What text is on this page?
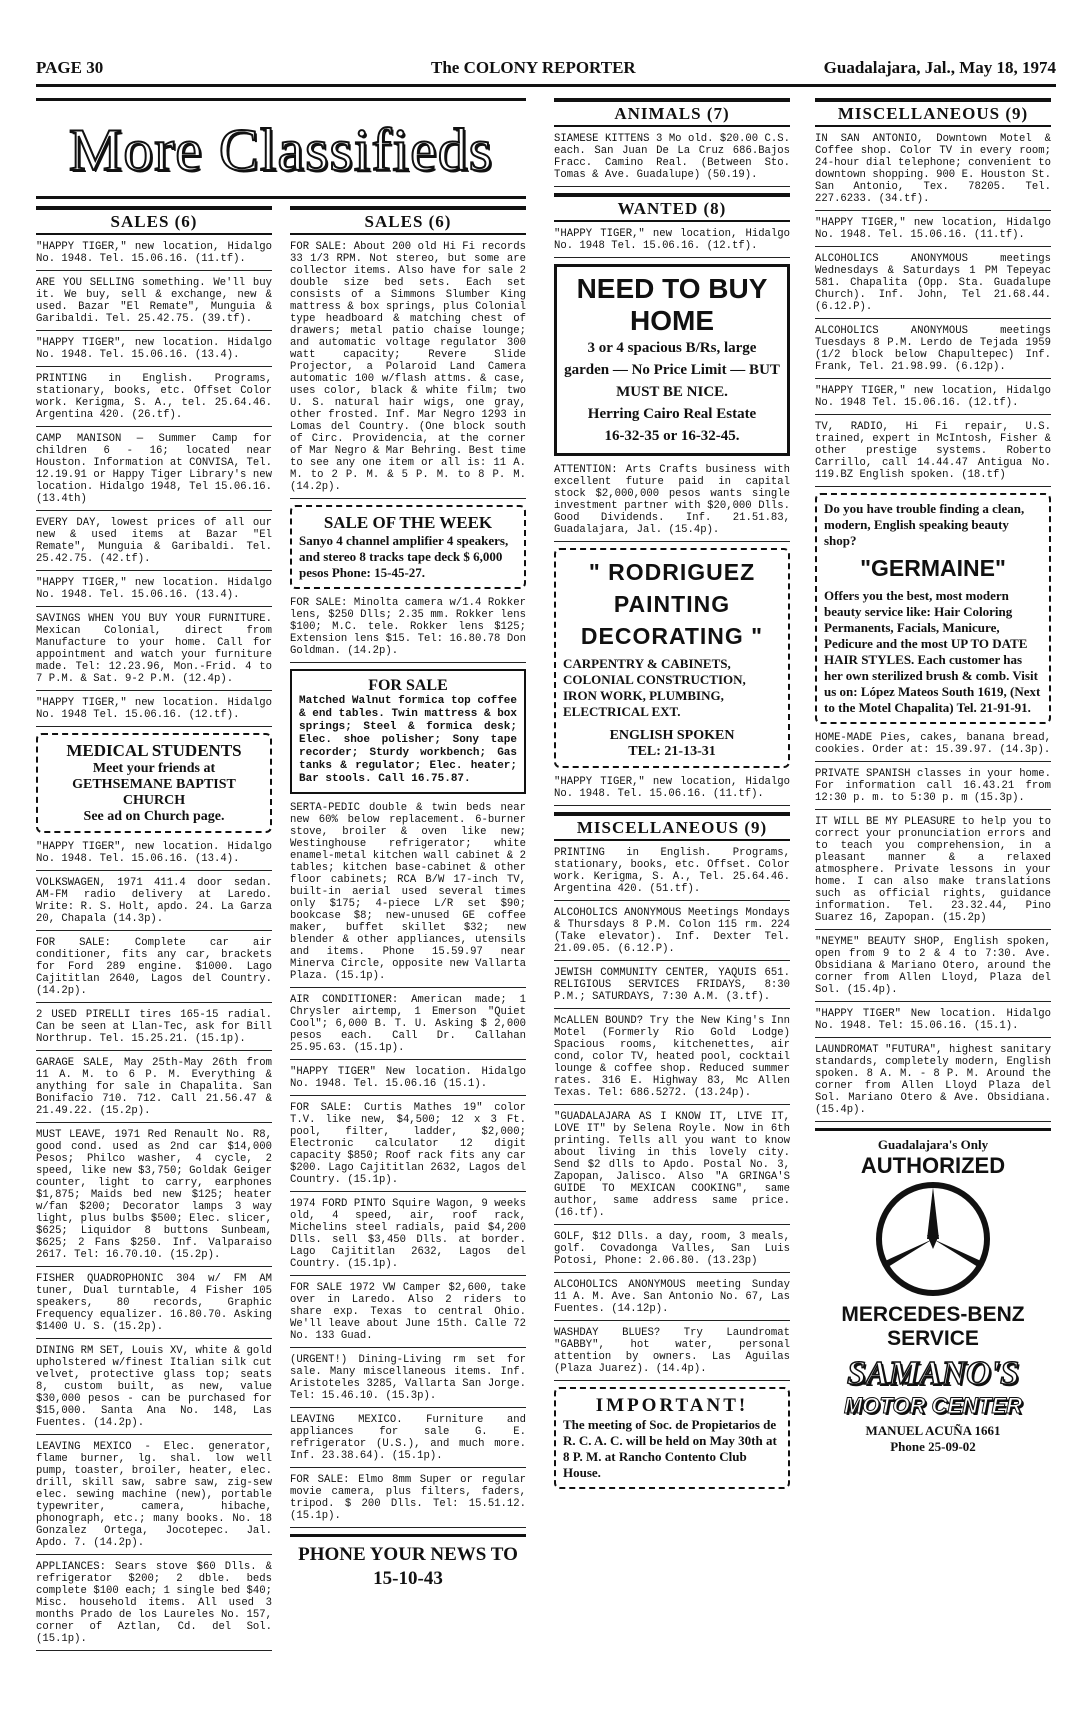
PAGE 30	The COLONY REPORTER	Guadalajara, Jal., May 18, 1974
More Classifieds
SALES (6)
"HAPPY TIGER," new location, Hidalgo No. 1948. Tel. 15.06.16. (11.tf).
ARE YOU SELLING something. We'll buy it. We buy, sell & exchange, new & used. Bazar "El Remate", Munguia & Garibaldi. Tel. 25.42.75. (39.tf).
"HAPPY TIGER", new location. Hidalgo No. 1948. Tel. 15.06.16. (13.4).
PRINTING in English. Programs, stationary, books, etc. Offset Color work. Kerigma, S. A., tel. 25.64.46. Argentina 420. (26.tf).
CAMP MANISON — Summer Camp for children 6 - 16; located near Houston. Information at CONVISA, Tel. 12.19.91 or Happy Tiger Library's new location. Hidalgo 1948, Tel 15.06.16. (13.4th)
EVERY DAY, lowest prices of all our new & used items at Bazar "El Remate", Munguia & Garibaldi. Tel. 25.42.75. (42.tf).
"HAPPY TIGER," new location. Hidalgo No. 1948. Tel. 15.06.16. (13.4).
SAVINGS WHEN YOU BUY YOUR FURNITURE. Mexican Colonial, direct from Manufacture to your home. Call for appointment and watch your furniture made. Tel: 12.23.96, Mon.-Frid. 4 to 7 P.M. & Sat. 9-2 P.M. (12.4p).
"HAPPY TIGER," new location. Hidalgo No. 1948 Tel. 15.06.16. (12.tf).
MEDICAL STUDENTS
Meet your friends at
GETHSEMANE BAPTIST CHURCH
See ad on Church page.
"HAPPY TIGER", new location. Hidalgo No. 1948. Tel. 15.06.16. (13.4).
VOLKSWAGEN, 1971 411.4 door sedan. AM-FM radio delivery at Laredo. Write: R. S. Holt, apdo. 24. La Garza 20, Chapala (14.3p).
FOR SALE: Complete car air conditioner, fits any car, brackets for Ford 289 engine. $1000. Lago Cajititlan 2640, Lagos del Country. (14.2p).
2 USED PIRELLI tires 165-15 radial. Can be seen at Llan-Tec, ask for Bill Northrup. Tel. 15.25.21. (15.1p).
GARAGE SALE, May 25th-May 26th from 11 A. M. to 6 P. M. Everything & anything for sale in Chapalita. San Bonifacio 710. 712. Call 21.56.47 & 21.49.22. (15.2p).
MUST LEAVE, 1971 Red Renault No. R8, good cond. used as 2nd car $14,000 Pesos; Philco washer, 4 cycle, 2 speed, like new $3,750; Goldak Geiger counter, light to carry, earphones $1,875; Maids bed new $125; heater w/fan $200; Decorator lamps 3 way light, plus bulbs $500; Elec. slicer, $625; Liquidor 8 buttons Sunbeam, $625; 2 Fans $250. Inf. Valparaiso 2617. Tel: 16.70.10. (15.2p).
FISHER QUADROPHONIC 304 w/ FM AM tuner, Dual turntable, 4 Fisher 105 speakers, 80 records, Graphic Frequency equalizer. 16.80.70. Asking $1400 U. S. (15.2p).
DINING RM SET, Louis XV, white & gold upholstered w/finest Italian silk cut velvet, protective glass top; seats 8, custom built, as new, value $30,000 pesos - can be purchased for $15,000. Santa Ana No. 148, Las Fuentes. (14.2p).
LEAVING MEXICO - Elec. generator, flame burner, lg. shal. low well pump, toaster, broiler, heater, elec. drill, skill saw, sabre saw, zig-sew elec. sewing machine (new), portable typewriter, camera, hibache, phonograph, etc.; many books. No. 18 Gonzalez Ortega, Jocotepec. Jal. Apdo. 7. (14.2p).
APPLIANCES: Sears stove $60 Dlls. & refrigerator $200; 2 dble. beds complete $100 each; 1 single bed $40; Misc. household items. All used 3 months Prado de los Laureles No. 157, corner of Aztlan, Cd. del Sol. (15.1p).
SALES (6)
FOR SALE: About 200 old Hi Fi records 33 1/3 RPM. Not stereo, but some are collector items. Also have for sale 2 double size bed sets. Each set consists of a Simmons Slumber King mattress & box springs, plus Colonial type headboard & matching chest of drawers; metal patio chaise lounge; and automatic voltage regulator 300 watt capacity; Revere Slide Projector, a Polaroid Land Camera automatic 100 w/flash attms. & case, uses color, black & white film; two U. S. natural hair wigs, one gray, other frosted. Inf. Mar Negro 1293 in Lomas del Country. (One block south of Circ. Providencia, at the corner of Mar Negro & Mar Behring. Best time to see any one item or all is: 11 A. M. to 2 P. M. & 5 P. M. to 8 P. M. (14.2p).
SALE OF THE WEEK
Sanyo 4 channel amplifier 4 speakers, and stereo 8 tracks tape deck $ 6,000 pesos Phone: 15-45-27.
FOR SALE: Minolta camera w/1.4 Rokker lens, $250 Dlls; 2.35 mm. Rokker lens $100; M.C. tele. Rokker lens $125; Extension lens $15. Tel: 16.80.78 Don Goldman. (14.2p).
FOR SALE
Matched Walnut formica top coffee & end tables. Twin mattress & box springs; Steel & formica desk; Elec. shoe polisher; Sony tape recorder; Sturdy workbench; Gas tanks & regulator; Elec. heater; Bar stools. Call 16.75.87.
SERTA-PEDIC double & twin beds near new 60% below replacement. 6-burner stove, broiler & oven like new; Westinghouse refrigerator; white enamel-metal kitchen wall cabinet & 2 tables; kitchen base-cabinet & other floor cabinets; RCA B/W 17-inch TV, built-in aerial used several times only $175; 4-piece L/R set $90; bookcase $8; new-unused GE coffee maker, buffet skillet $32; new blender & other appliances, utensils and items. Phone 15.59.97 near Minerva Circle, opposite new Vallarta Plaza. (15.1p).
AIR CONDITIONER: American made; 1 Chrysler airtemp, 1 Emerson "Quiet Cool"; 6,000 B. T. U. Asking $ 2,000 pesos each. Call Dr. Callahan 25.95.63. (15.1p).
"HAPPY TIGER" New location. Hidalgo No. 1948. Tel. 15.06.16 (15.1).
FOR SALE: Curtis Mathes 19" color T.V. like new, $4,500; 12 x 3 Ft. pool, filter, ladder, $2,000; Electronic calculator 12 digit capacity $850; Roof rack fits any car $200. Lago Cajititlan 2632, Lagos del Country. (15.1p).
1974 FORD PINTO Squire Wagon, 9 weeks old, 4 speed, air, roof rack, Michelins steel radials, paid $4,200 Dlls. sell $3,450 Dlls. at border. Lago Cajititlan 2632, Lagos del Country. (15.1p).
FOR SALE 1972 VW Camper $2,600, take over in Laredo. Also 2 riders to share exp. Texas to central Ohio. We'll leave about June 15th. Calle 72 No. 133 Guad.
(URGENT!) Dining-Living rm set for sale. Many miscellaneous items. Inf. Aristoteles 3285, Vallarta San Jorge. Tel: 15.46.10. (15.3p).
LEAVING MEXICO. Furniture and appliances for sale G. E. refrigerator (U.S.), and much more. Inf. 23.38.64). (15.1p).
FOR SALE: Elmo 8mm Super or regular movie camera, plus filters, faders, tripod. $ 200 Dlls. Tel: 15.51.12. (15.1p).
PHONE YOUR NEWS TO 15-10-43
ANIMALS (7)
SIAMESE KITTENS 3 Mo old. $20.00 C.S. each. San Juan De La Cruz 686.Bajos Fracc. Camino Real. (Between Sto. Tomas & Ave. Guadalupe) (50.19).
WANTED (8)
"HAPPY TIGER," new location, Hidalgo No. 1948 Tel. 15.06.16. (12.tf).
NEED TO BUY HOME
3 or 4 spacious B/Rs, large garden — No Price Limit — BUT MUST BE NICE.
Herring Cairo Real Estate
16-32-35 or 16-32-45.
ATTENTION: Arts Crafts business with excellent future paid in capital stock $2,000,000 pesos wants single investment partner with $20,000 Dlls. Good Dividends. Inf. 21.51.83, Guadalajara, Jal. (15.4p).
" RODRIGUEZ PAINTING DECORATING "
CARPENTRY & CABINETS, COLONIAL CONSTRUCTION, IRON WORK, PLUMBING, ELECTRICAL EXT.
ENGLISH SPOKEN
TEL: 21-13-31
"HAPPY TIGER," new location, Hidalgo No. 1948. Tel. 15.06.16. (11.tf).
MISCELLANEOUS (9)
PRINTING in English. Programs, stationary, books, etc. Offset. Color work. Kerigma, S. A., Tel. 25.64.46. Argentina 420. (51.tf).
ALCOHOLICS ANONYMOUS Meetings Mondays & Thursdays 8 P.M. Colon 115 rm. 224 (Take elevator). Inf. Dexter Tel. 21.09.05. (6.12.P).
JEWISH COMMUNITY CENTER, YAQUIS 651. RELIGIOUS SERVICES FRIDAYS, 8:30 P.M.; SATURDAYS, 7:30 A.M. (3.tf).
McALLEN BOUND? Try the New King's Inn Motel (Formerly Rio Gold Lodge) Spacious rooms, kitchenettes, air cond, color TV, heated pool, cocktail lounge & coffee shop. Reduced summer rates. 316 E. Highway 83, Mc Allen Texas. Tel: 686.5272. (13.24p).
"GUADALAJARA AS I KNOW IT, LIVE IT, LOVE IT" by Selena Royle. Now in 6th printing. Tells all you want to know about living in this lovely city. Send $2 dlls to Apdo. Postal No. 3, Zapopan, Jalisco. Also "A GRINGA'S GUIDE TO MEXICAN COOKING", same author, same address same price. (16.tf).
GOLF, $12 Dlls. a day, room, 3 meals, golf. Covadonga Valles, San Luis Potosi, Phone: 2.06.80. (13.23p)
ALCOHOLICS ANONYMOUS meeting Sunday 11 A. M. Ave. San Antonio No. 67, Las Fuentes. (14.12p).
WASHDAY BLUES? Try Laundromat "GABBY", hot water, personal attention by owners. Las Aguilas (Plaza Juarez). (14.4p).
IMPORTANT!
The meeting of Soc. de Propietarios de R. C. A. C. will be held on May 30th at 8 P. M. at Rancho Contento Club House.
MISCELLANEOUS (9)
IN SAN ANTONIO, Downtown Motel & Coffee shop. Color TV in every room; 24-hour dial telephone; convenient to downtown shopping. 900 E. Houston St. San Antonio, Tex. 78205. Tel. 227.6233. (34.tf).
"HAPPY TIGER," new location, Hidalgo No. 1948. Tel. 15.06.16. (11.tf).
ALCOHOLICS ANONYMOUS meetings Wednesdays & Saturdays 1 PM Tepeyac 581. Chapalita (Opp. Sta. Guadalupe Church). Inf. John, Tel 21.68.44. (6.12.P).
ALCOHOLICS ANONYMOUS meetings Tuesdays 8 P.M. Lerdo de Tejada 1959 (1/2 block below Chapultepec) Inf. Frank, Tel. 21.98.99. (6.12p).
"HAPPY TIGER," new location, Hidalgo No. 1948 Tel. 15.06.16. (12.tf).
TV, RADIO, Hi Fi repair, U.S. trained, expert in McIntosh, Fisher & other prestige systems. Roberto Carrillo, call 14.44.47 Antigua No. 119.BZ English spoken. (18.tf)
Do you have trouble finding a clean, modern, English speaking beauty shop?
"GERMAINE"
Offers you the best, most modern beauty service like: Hair Coloring Permanents, Facials, Manicure, Pedicure and the most UP TO DATE HAIR STYLES. Each customer has her own sterilized brush & comb. Visit us on: López Mateos South 1619, (Next to the Motel Chapalita) Tel. 21-91-91.
HOME-MADE Pies, cakes, banana bread, cookies. Order at: 15.39.97. (14.3p).
PRIVATE SPANISH classes in your home. For information call 16.43.21 from 12:30 p. m. to 5:30 p. m (15.3p).
IT WILL BE MY PLEASURE to help you to correct your pronunciation errors and to teach you comprehension, in a pleasant manner & a relaxed atmosphere. Private lessons in your home. I can also make translations such as official rights, guidance information. Tel. 23.32.44, Pino Suarez 16, Zapopan. (15.2p)
"NEYME" BEAUTY SHOP, English spoken, open from 9 to 2 & 4 to 7:30. Ave. Obsidiana & Mariano Otero, around the corner from Allen Lloyd, Plaza del Sol. (15.4p).
"HAPPY TIGER" New location. Hidalgo No. 1948. Tel: 15.06.16. (15.1).
LAUNDROMAT "FUTURA", highest sanitary standards, completely modern, English spoken. 8 A. M. - 8 P. M. Around the corner from Allen Lloyd Plaza del Sol. Mariano Otero & Ave. Obsidiana. (15.4p).
Guadalajara's Only
AUTHORIZED
MERCEDES-BENZ
SERVICE
SAMANO'S
MOTOR CENTER
MANUEL ACUÑA 1661
Phone 25-09-02
